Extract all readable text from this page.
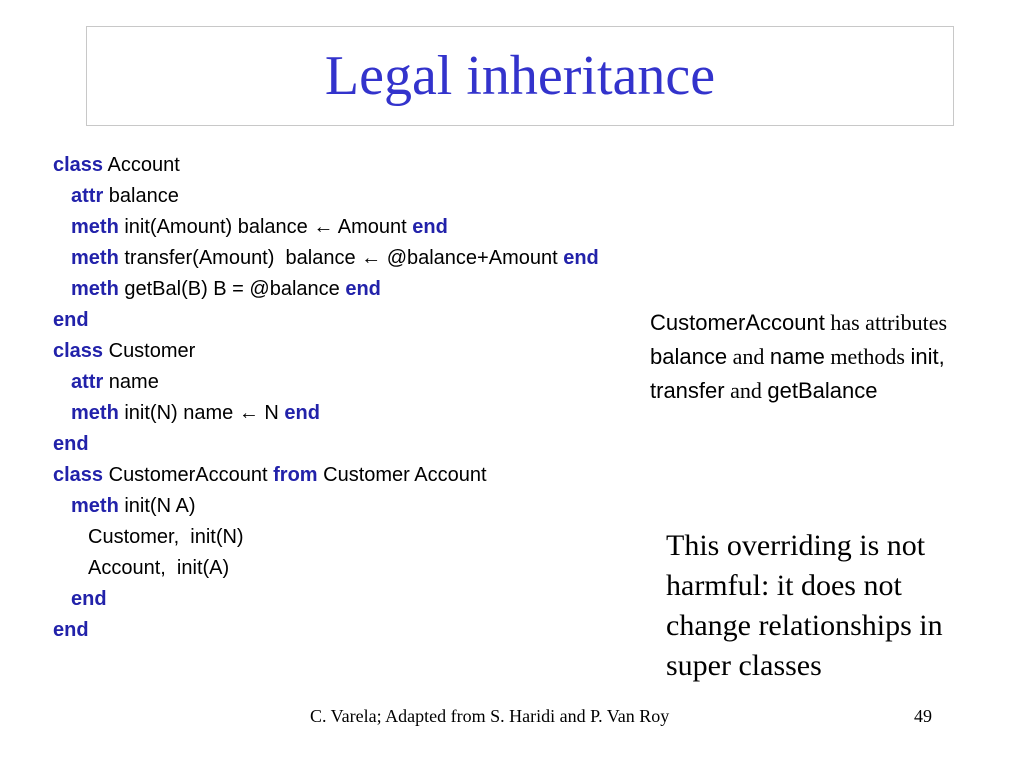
Legal inheritance
class Account
attr balance
meth init(Amount) balance ← Amount end
meth transfer(Amount)  balance ← @balance+Amount end
meth getBal(B) B = @balance end
end
class Customer
attr name
meth init(N) name ← N end
end
class CustomerAccount from Customer Account
meth init(N A)
Customer,  init(N)
Account,  init(A)
end
end
CustomerAccount has attributes balance and name methods init, transfer and getBalance
This overriding is not harmful: it does not change relationships in super classes
C. Varela; Adapted from S. Haridi and P. Van Roy	49
